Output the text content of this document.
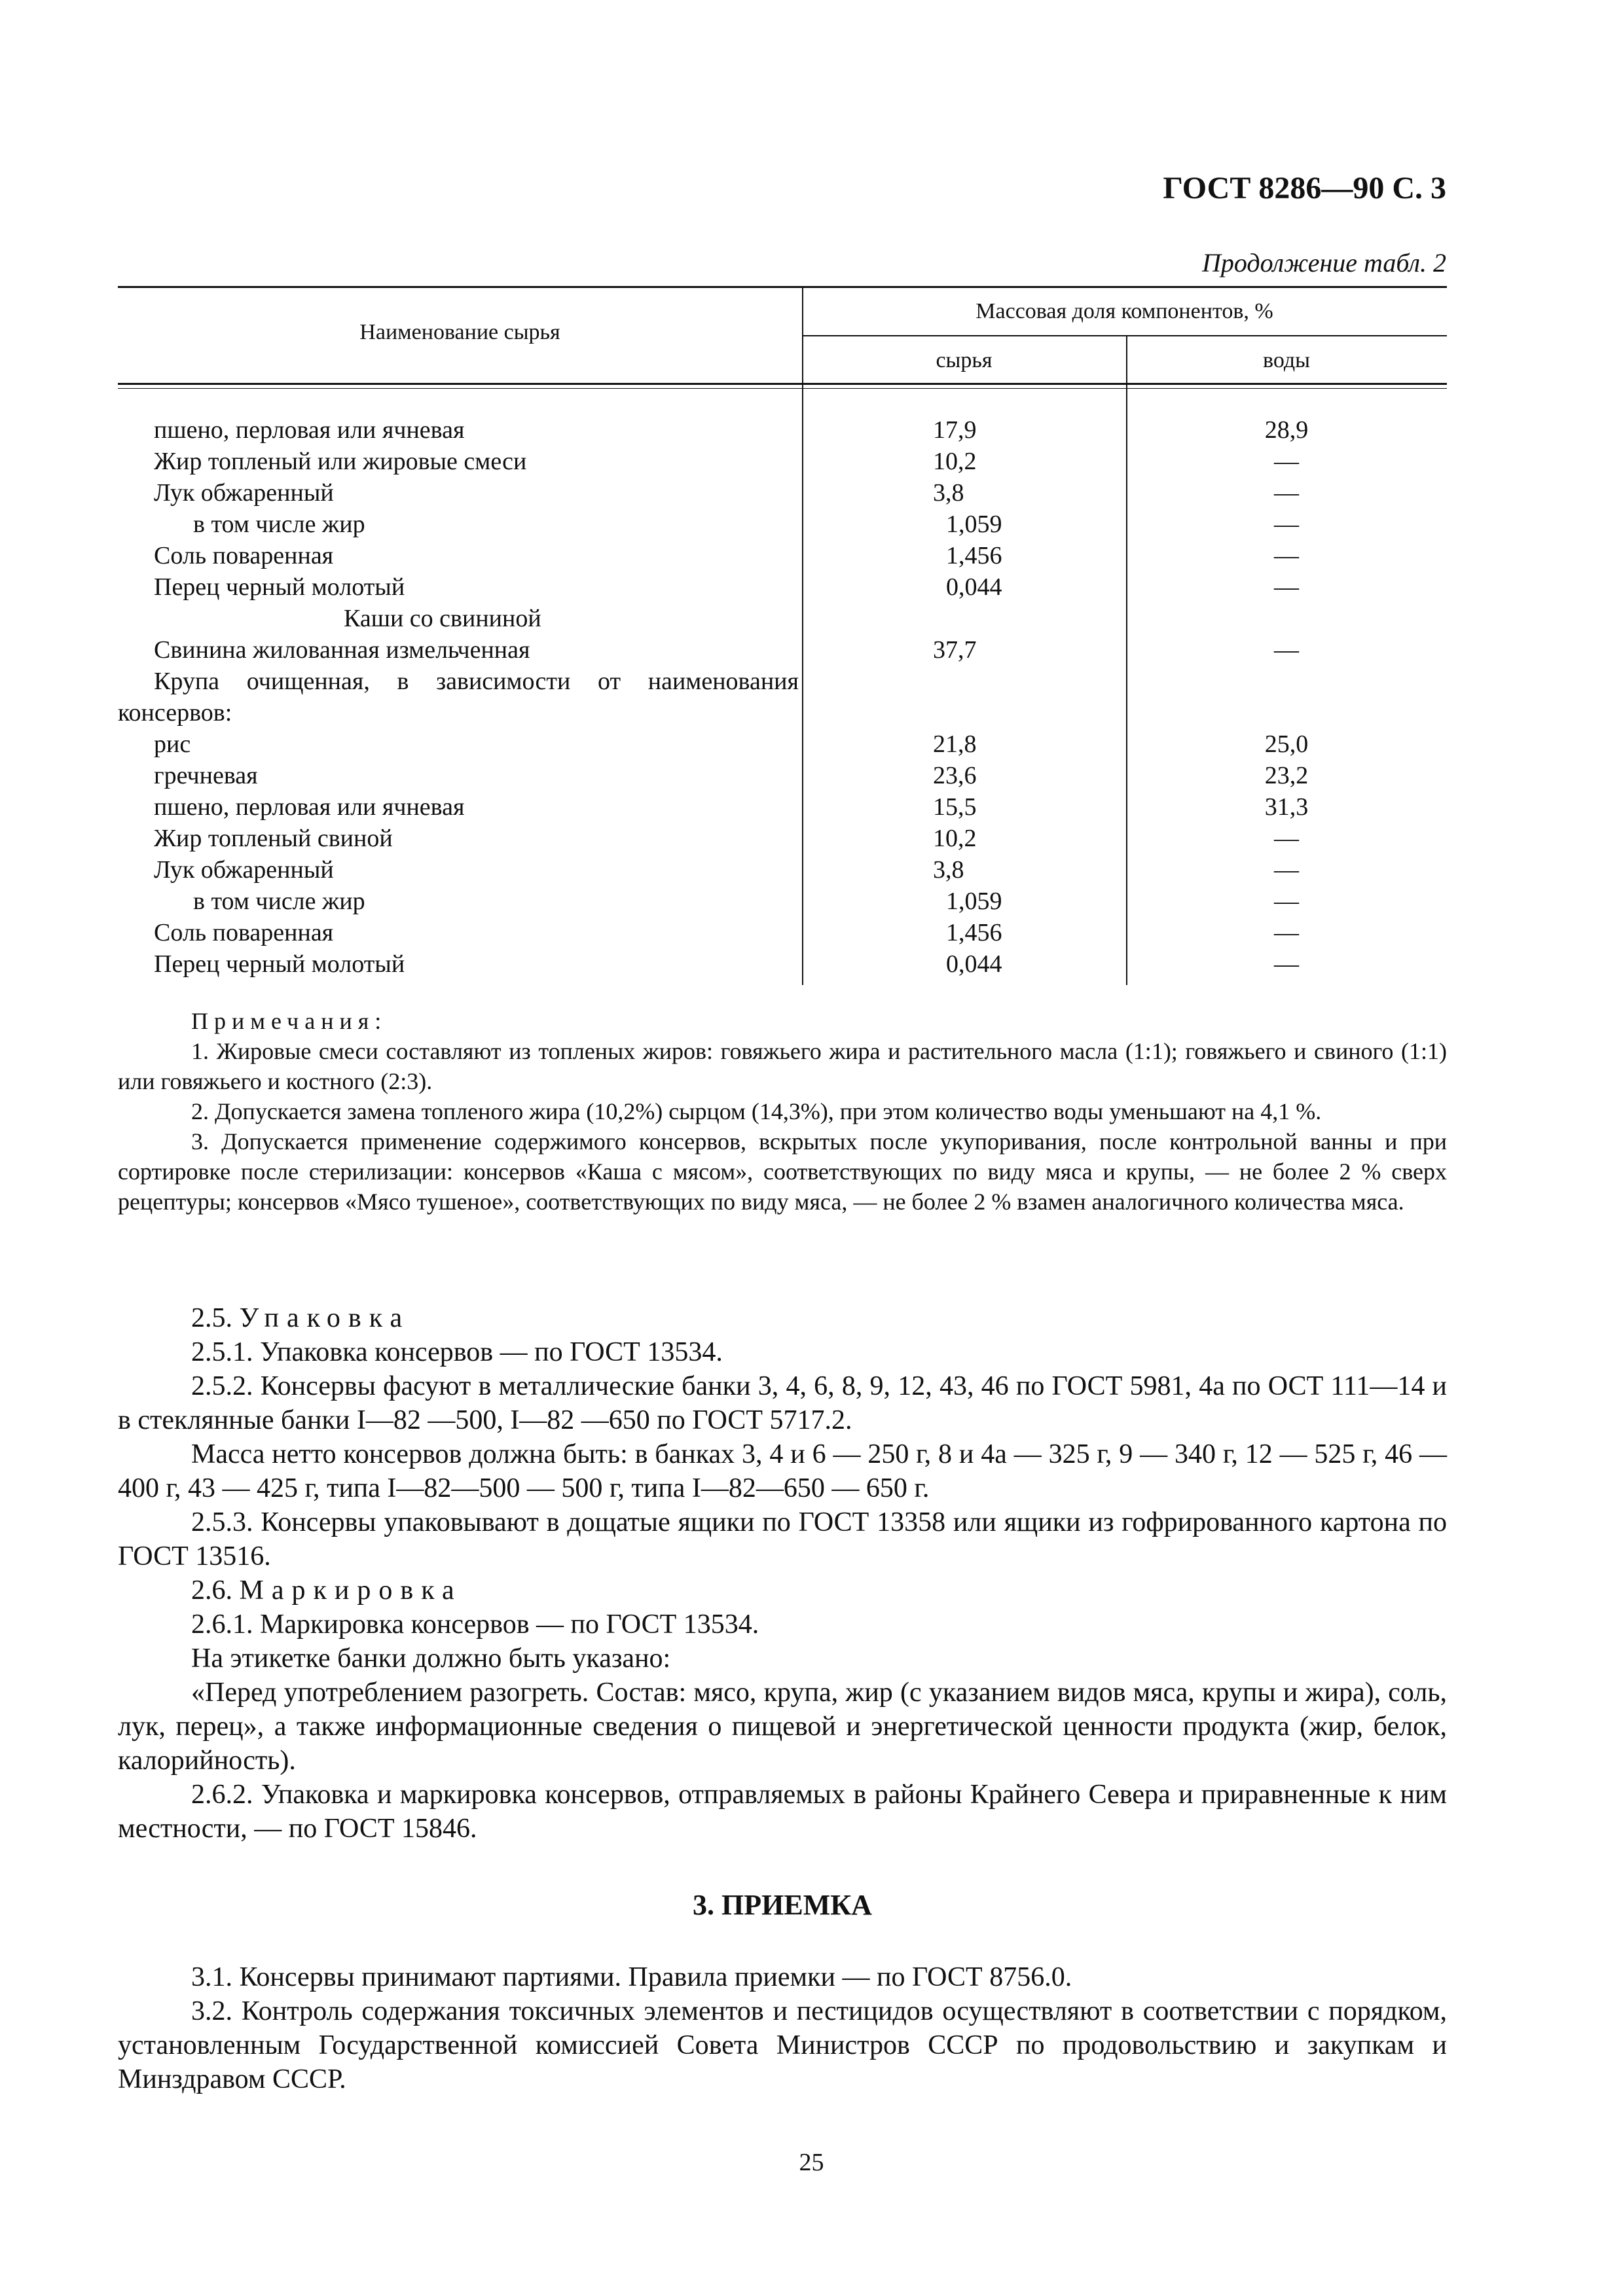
ГОСТ 8286—90 С. 3
Продолжение табл. 2
Наименование сырья
Массовая доля компонентов, %
сырья	воды
пшено, перловая или ячневая	17,9	28,9
Жир топленый или жировые смеси	10,2	—
Лук обжаренный	3,8	—
в том числе жир	1,059	—
Соль поваренная	1,456	—
Перец черный молотый	0,044	—
Каши со свининой
Свинина жилованная измельченная	37,7	—
Крупа очищенная, в зависимости от наименования консервов:
рис	21,8	25,0
гречневая	23,6	23,2
пшено, перловая или ячневая	15,5	31,3
Жир топленый свиной	10,2	—
Лук обжаренный	3,8	—
в том числе жир	1,059	—
Соль поваренная	1,456	—
Перец черный молотый	0,044	—
Примечания:

1. Жировые смеси составляют из топленых жиров: говяжьего жира и растительного масла (1:1); говяжьего и свиного (1:1) или говяжьего и костного (2:3).

2. Допускается замена топленого жира (10,2%) сырцом (14,3%), при этом количество воды уменьшают на 4,1 %.

3. Допускается применение содержимого консервов, вскрытых после укупоривания, после контрольной ванны и при сортировке после стерилизации: консервов «Каша с мясом», соответствующих по виду мяса и крупы, — не более 2 % сверх рецептуры; консервов «Мясо тушеное», соответствующих по виду мяса, — не более 2 % взамен аналогичного количества мяса.

2.5. Упаковка

2.5.1. Упаковка консервов — по ГОСТ 13534.

2.5.2. Консервы фасуют в металлические банки 3, 4, 6, 8, 9, 12, 43, 46 по ГОСТ 5981, 4а по ОСТ 111—14 и в стеклянные банки I—82 —500, I—82 —650 по ГОСТ 5717.2.

Масса нетто консервов должна быть: в банках 3, 4 и 6 — 250 г, 8 и 4а — 325 г, 9 — 340 г, 12 — 525 г, 46 — 400 г, 43 — 425 г, типа I—82—500 — 500 г, типа I—82—650 — 650 г.

2.5.3. Консервы упаковывают в дощатые ящики по ГОСТ 13358 или ящики из гофрированного картона по ГОСТ 13516.

2.6. Маркировка

2.6.1. Маркировка консервов — по ГОСТ 13534.

На этикетке банки должно быть указано:

«Перед употреблением разогреть. Состав: мясо, крупа, жир (с указанием видов мяса, крупы и жира), соль, лук, перец», а также информационные сведения о пищевой и энергетической ценности продукта (жир, белок, калорийность).

2.6.2. Упаковка и маркировка консервов, отправляемых в районы Крайнего Севера и приравненные к ним местности, — по ГОСТ 15846.

3. ПРИЕМКА

3.1. Консервы принимают партиями. Правила приемки — по ГОСТ 8756.0.

3.2. Контроль содержания токсичных элементов и пестицидов осуществляют в соответствии с порядком, установленным Государственной комиссией Совета Министров СССР по продовольствию и закупкам и Минздравом СССР.

25
